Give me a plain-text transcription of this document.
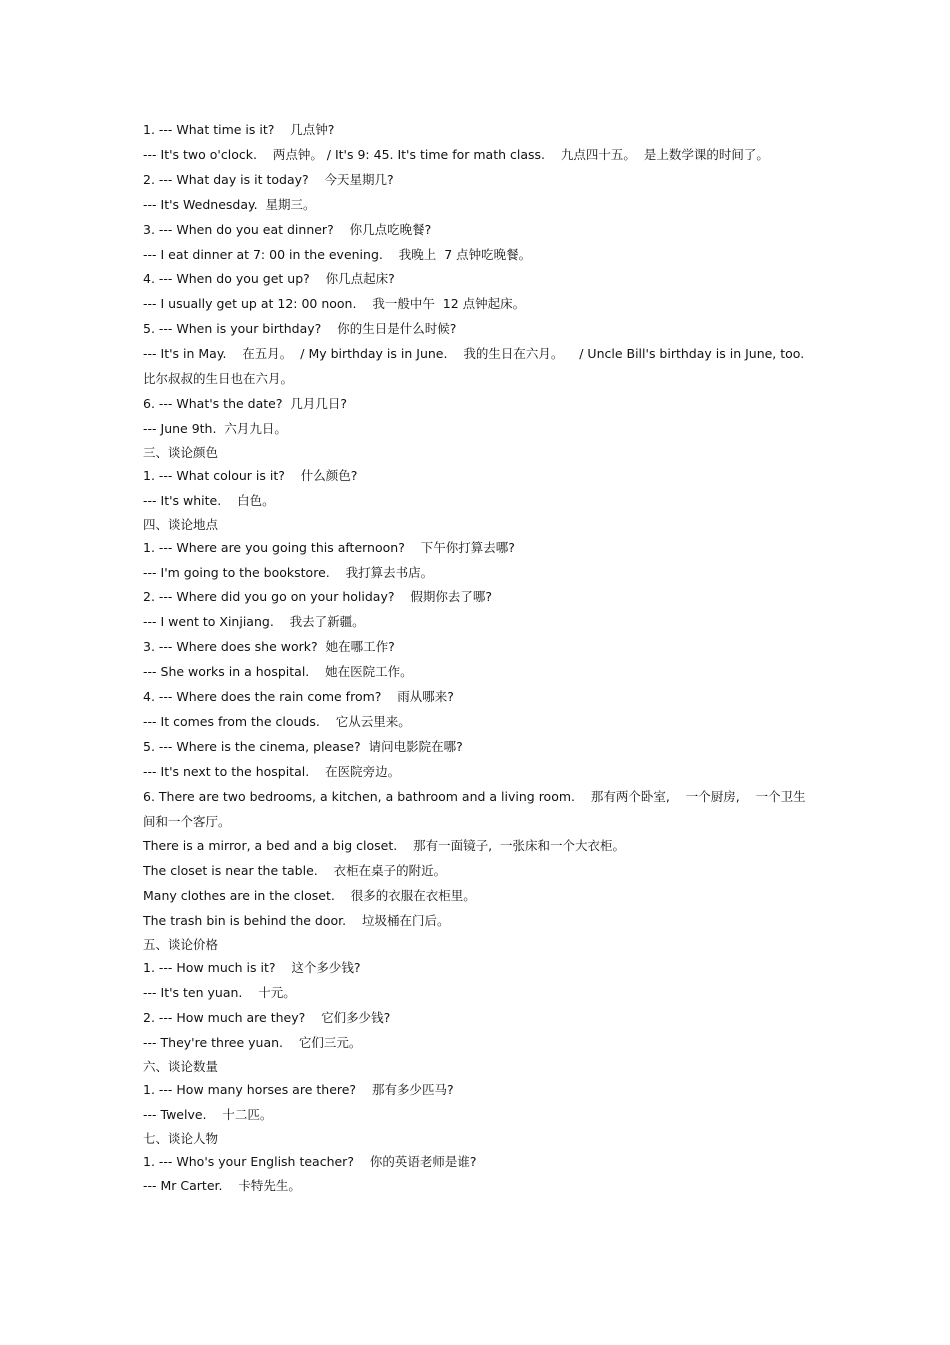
1. --- What time is it?    几点钟?
--- It's two o'clock.    两点钟。 / It's 9: 45. It's time for math class.    九点四十五。  是上数学课的时间了。
2. --- What day is it today?    今天星期几?
--- It's Wednesday.  星期三。
3. --- When do you eat dinner?    你几点吃晚餐?
--- I eat dinner at 7: 00 in the evening.    我晚上  7 点钟吃晚餐。
4. --- When do you get up?    你几点起床?
--- I usually get up at 12: 00 noon.    我一般中午  12 点钟起床。
5. --- When is your birthday?    你的生日是什么时候?
--- It's in May.    在五月。  / My birthday is in June.    我的生日在六月。    / Uncle Bill's birthday is in June, too.  比尔叔叔的生日也在六月。
6. --- What's the date?  几月几日?
--- June 9th.  六月九日。
三、谈论颜色
1. --- What colour is it?    什么颜色?
--- It's white.    白色。
四、谈论地点
1. --- Where are you going this afternoon?    下午你打算去哪?
--- I'm going to the bookstore.    我打算去书店。
2. --- Where did you go on your holiday?    假期你去了哪?
--- I went to Xinjiang.    我去了新疆。
3. --- Where does she work?  她在哪工作?
--- She works in a hospital.    她在医院工作。
4. --- Where does the rain come from?    雨从哪来?
--- It comes from the clouds.    它从云里来。
5. --- Where is the cinema, please?  请问电影院在哪?
--- It's next to the hospital.    在医院旁边。
6. There are two bedrooms, a kitchen, a bathroom and a living room.    那有两个卧室,    一个厨房,    一个卫生间和一个客厅。
There is a mirror, a bed and a big closet.    那有一面镜子,  一张床和一个大衣柜。
The closet is near the table.    衣柜在桌子的附近。
Many clothes are in the closet.    很多的衣服在衣柜里。
The trash bin is behind the door.    垃圾桶在门后。
五、谈论价格
1. --- How much is it?    这个多少钱?
--- It's ten yuan.    十元。
2. --- How much are they?    它们多少钱?
--- They're three yuan.    它们三元。
六、谈论数量
1. --- How many horses are there?    那有多少匹马?
--- Twelve.    十二匹。
七、谈论人物
1. --- Who's your English teacher?    你的英语老师是谁?
--- Mr Carter.    卡特先生。
